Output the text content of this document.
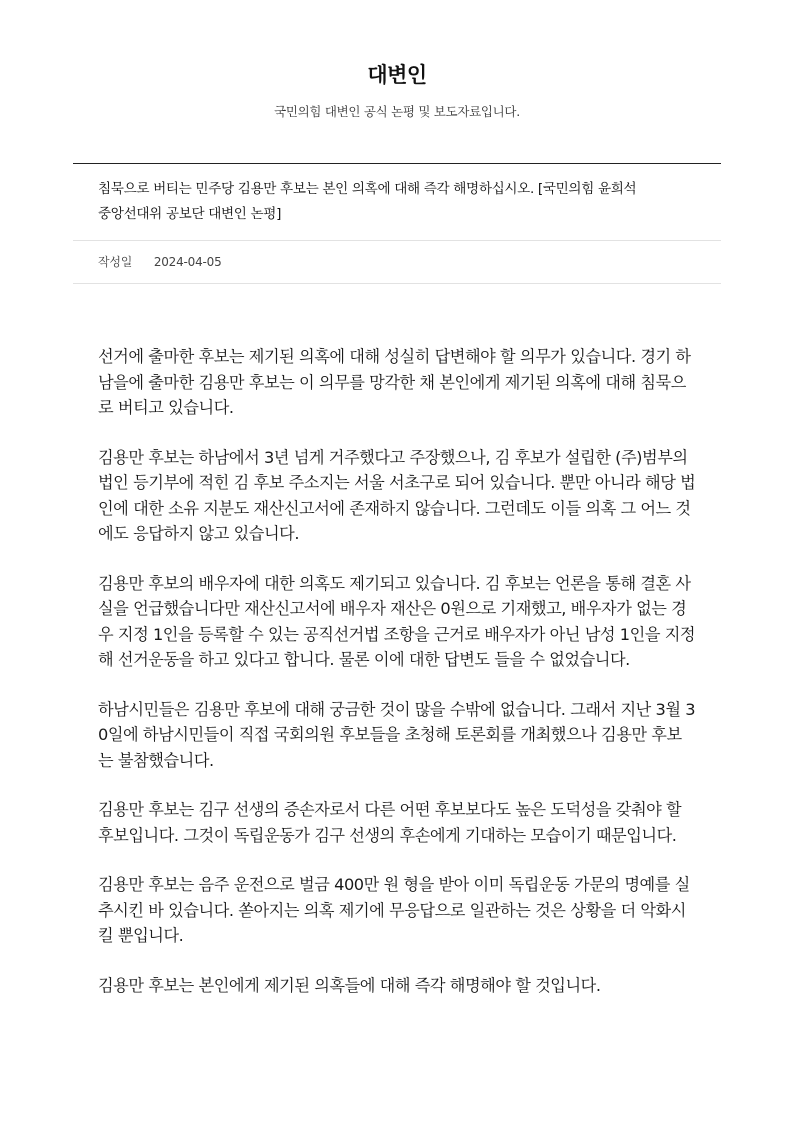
대변인

국민의힘 대변인 공식 논평 및 보도자료입니다.

침묵으로 버티는 민주당 김용만 후보는 본인 의혹에 대해 즉각 해명하십시오. [국민의힘 윤희석 중앙선대위 공보단 대변인 논평]
작성일 2024-04-05

선거에 출마한 후보는 제기된 의혹에 대해 성실히 답변해야 할 의무가 있습니다. 경기 하남을에 출마한 김용만 후보는 이 의무를 망각한 채 본인에게 제기된 의혹에 대해 침묵으로 버티고 있습니다.

김용만 후보는 하남에서 3년 넘게 거주했다고 주장했으나, 김 후보가 설립한 (주)범부의 법인 등기부에 적힌 김 후보 주소지는 서울 서초구로 되어 있습니다. 뿐만 아니라 해당 법인에 대한 소유 지분도 재산신고서에 존재하지 않습니다. 그런데도 이들 의혹 그 어느 것에도 응답하지 않고 있습니다.

김용만 후보의 배우자에 대한 의혹도 제기되고 있습니다. 김 후보는 언론을 통해 결혼 사실을 언급했습니다만 재산신고서에 배우자 재산은 0원으로 기재했고, 배우자가 없는 경우 지정 1인을 등록할 수 있는 공직선거법 조항을 근거로 배우자가 아닌 남성 1인을 지정해 선거운동을 하고 있다고 합니다. 물론 이에 대한 답변도 들을 수 없었습니다.

하남시민들은 김용만 후보에 대해 궁금한 것이 많을 수밖에 없습니다. 그래서 지난 3월 30일에 하남시민들이 직접 국회의원 후보들을 초청해 토론회를 개최했으나 김용만 후보는 불참했습니다.

김용만 후보는 김구 선생의 증손자로서 다른 어떤 후보보다도 높은 도덕성을 갖춰야 할 후보입니다. 그것이 독립운동가 김구 선생의 후손에게 기대하는 모습이기 때문입니다.

김용만 후보는 음주 운전으로 벌금 400만 원 형을 받아 이미 독립운동 가문의 명예를 실추시킨 바 있습니다. 쏟아지는 의혹 제기에 무응답으로 일관하는 것은 상황을 더 악화시킬 뿐입니다.

김용만 후보는 본인에게 제기된 의혹들에 대해 즉각 해명해야 할 것입니다.
